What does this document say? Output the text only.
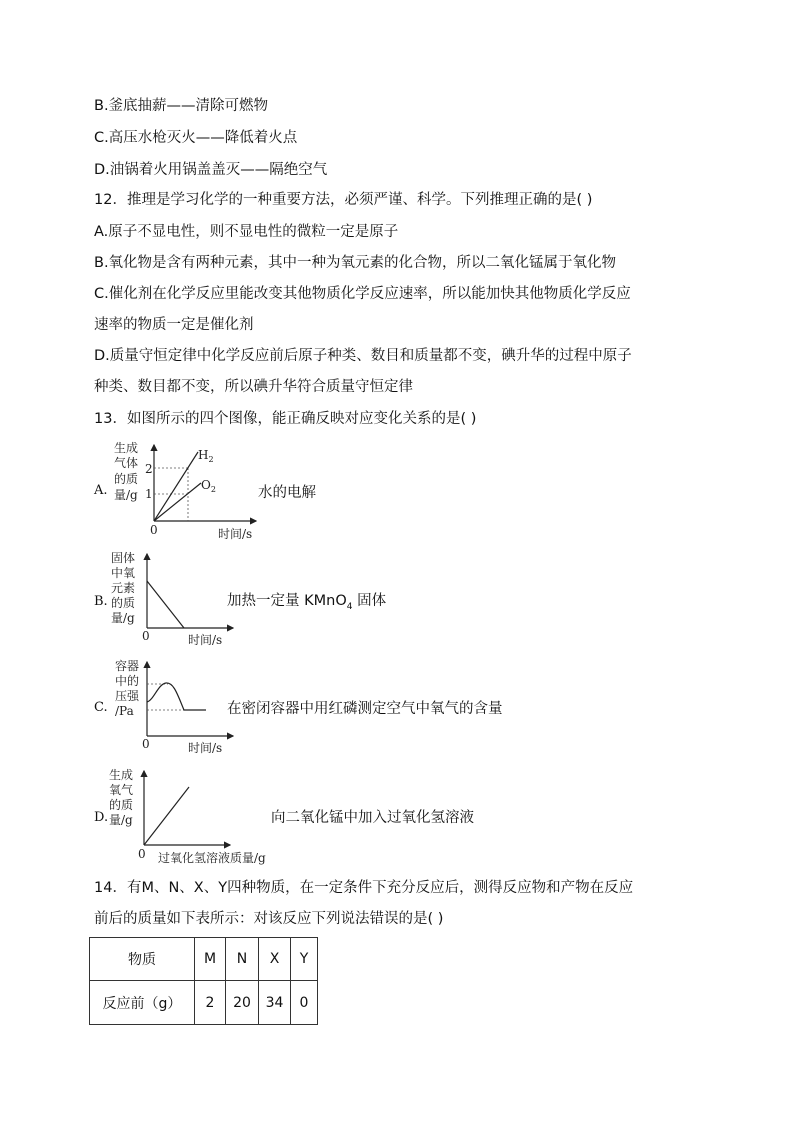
B.釜底抽薪——清除可燃物
C.高压水枪灭火——降低着火点
D.油锅着火用锅盖盖灭——隔绝空气
12．推理是学习化学的一种重要方法，必须严谨、科学。下列推理正确的是( )
A.原子不显电性，则不显电性的微粒一定是原子
B.氧化物是含有两种元素，其中一种为氧元素的化合物，所以二氧化锰属于氧化物
C.催化剂在化学反应里能改变其他物质化学反应速率，所以能加快其他物质化学反应
速率的物质一定是催化剂
D.质量守恒定律中化学反应前后原子种类、数目和质量都不变，碘升华的过程中原子
种类、数目都不变，所以碘升华符合质量守恒定律
13．如图所示的四个图像，能正确反映对应变化关系的是( )
A.
生成
气体
的质
量/g
2
1
0	时间/s
$H_2$
$O_2$	水的电解
B.
固体
中氧
元素
的质
量/g
0	时间/s
加热一定量 KMnO$_4$ 固体
C.
容器
中的
压强
/Pa
0	时间/s
在密闭容器中用红磷测定空气中氧气的含量
D.
生成
氧气
的质
量/g
0 过氧化氢溶液质量/g
向二氧化锰中加入过氧化氢溶液
14．有M、N、X、Y四种物质，在一定条件下充分反应后，测得反应物和产物在反应
前后的质量如下表所示：对该反应下列说法错误的是( )
物质	M	N	X	Y
反应前（g）	2	20	34	0
